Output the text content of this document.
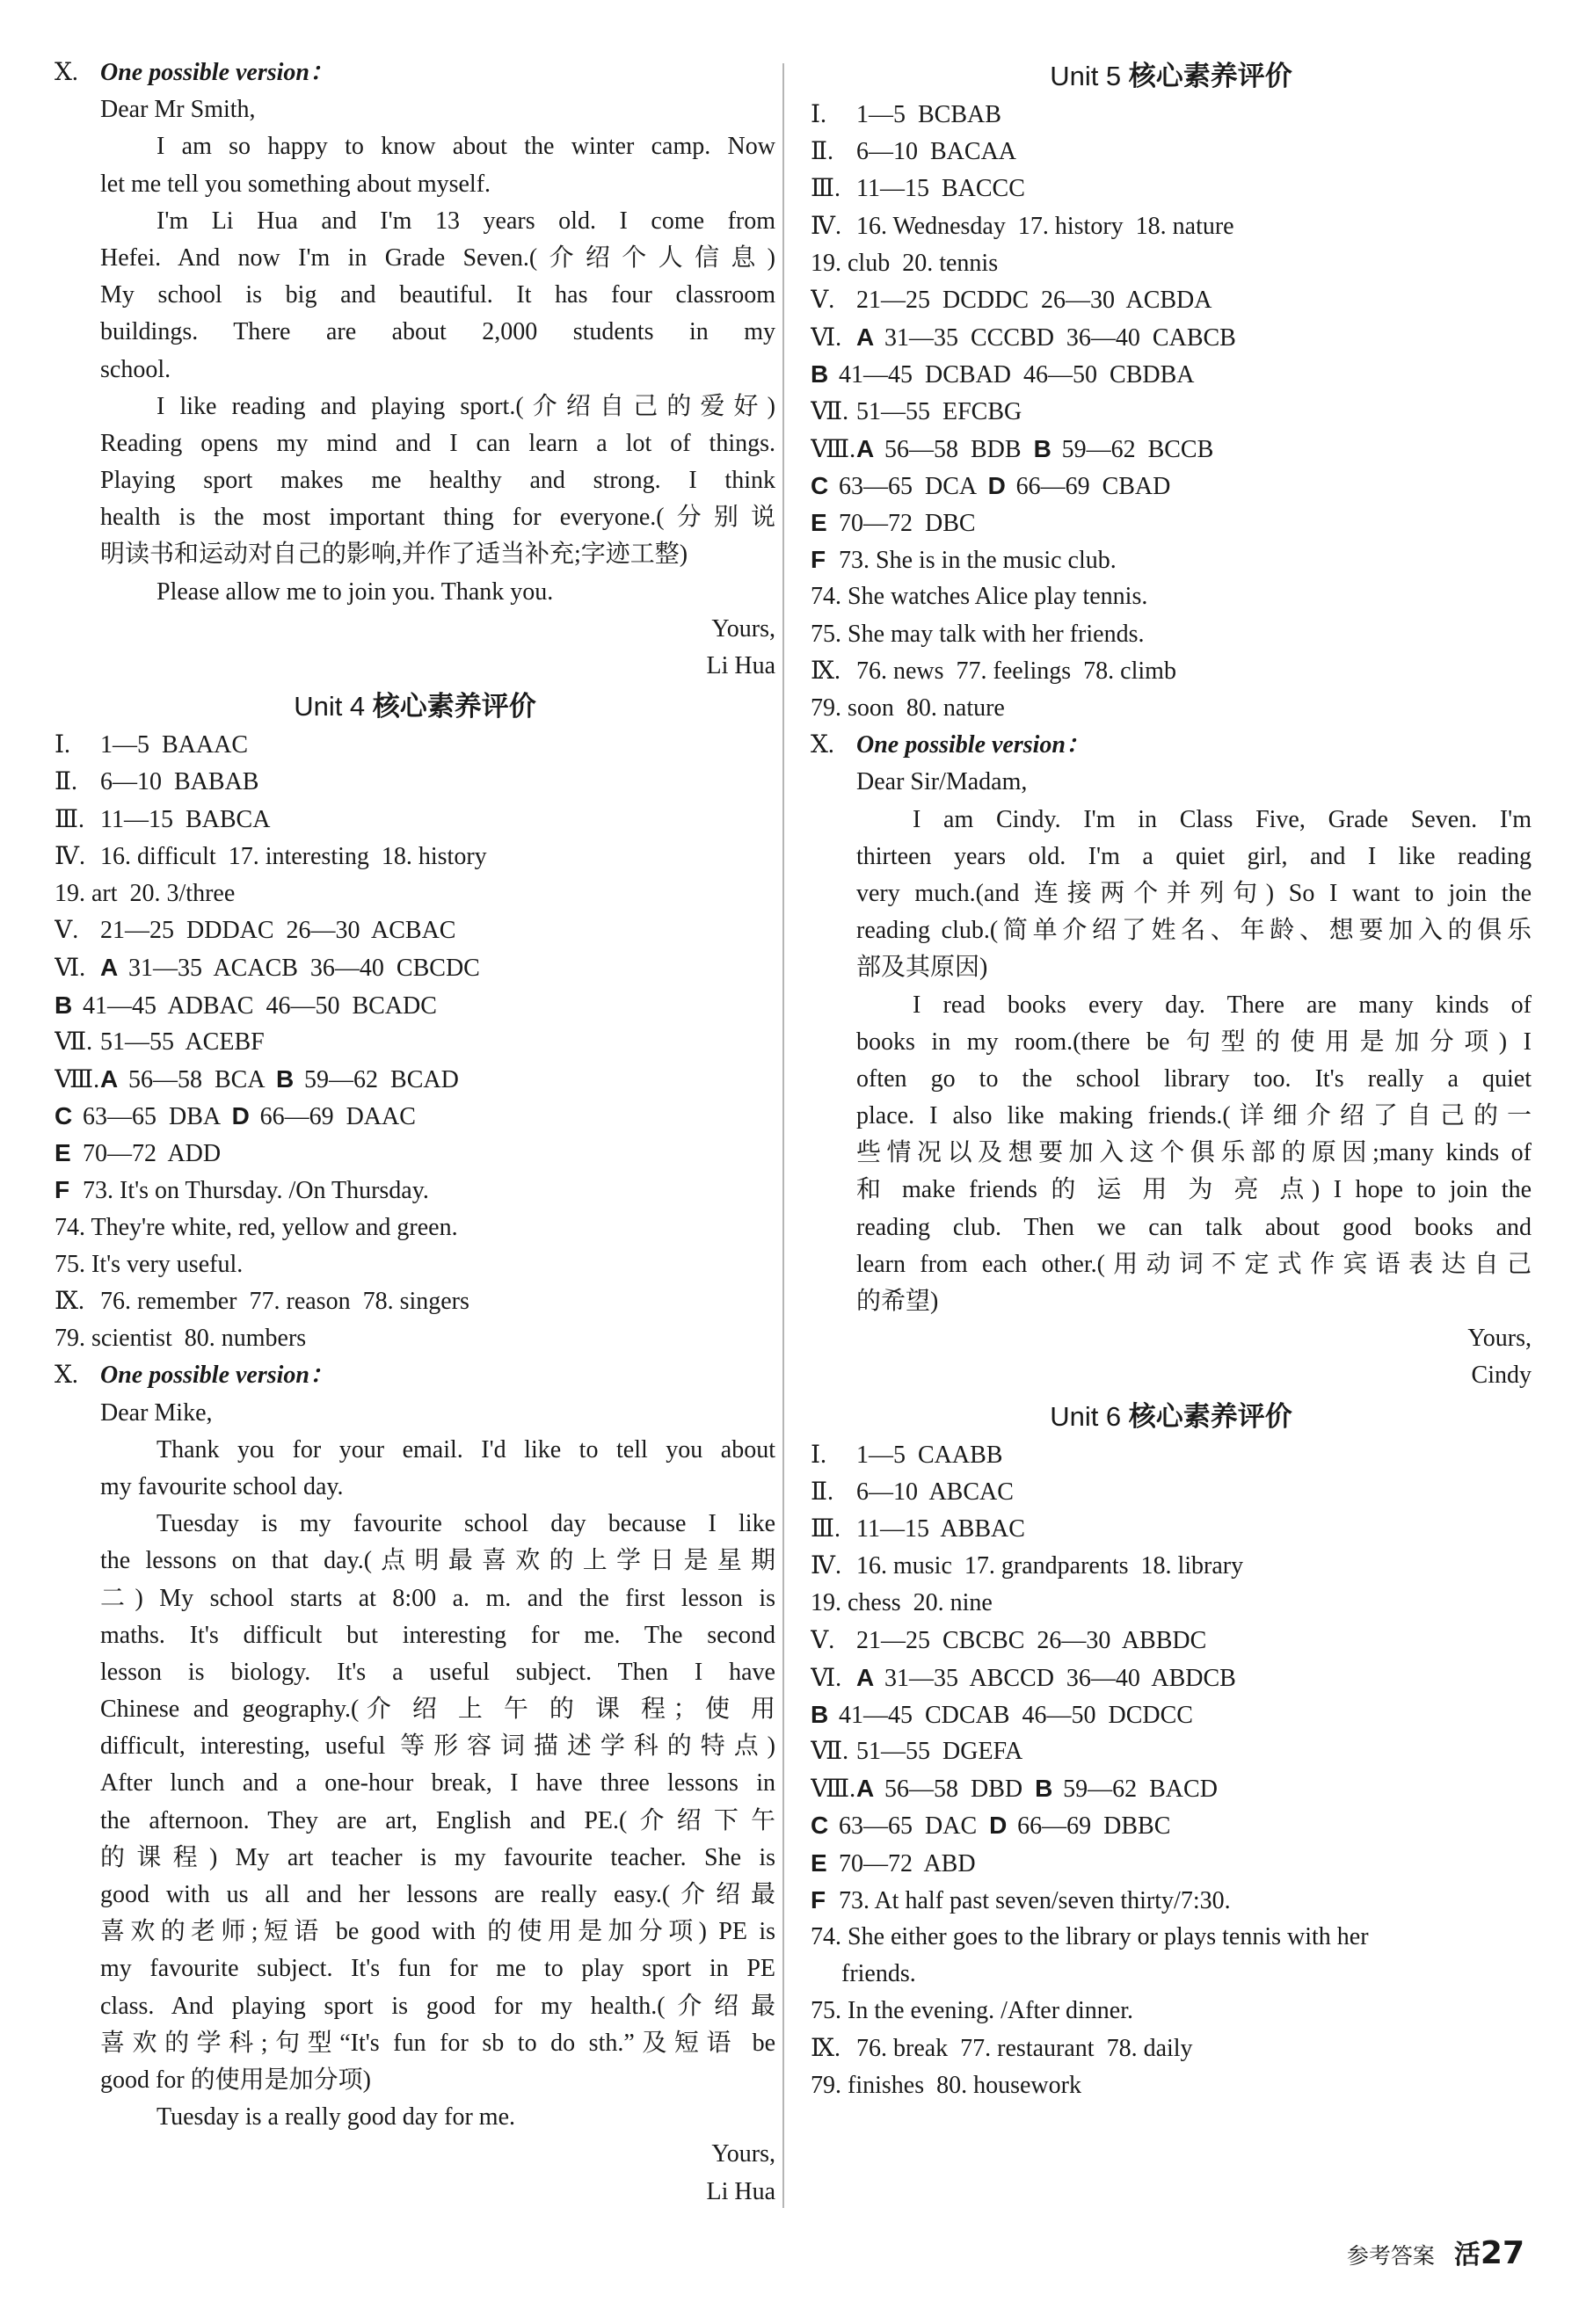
Ⅹ. One possible version：
Dear Mr Smith,
I am so happy to know about the winter camp. Now
let me tell you something about myself.
I'm Li Hua and I'm 13 years old. I come from
Hefei. And now I'm in Grade Seven.(介绍个人信息)
My school is big and beautiful. It has four classroom
buildings. There are about 2,000 students in my
school.
I like reading and playing sport.(介绍自己的爱好)
Reading opens my mind and I can learn a lot of things.
Playing sport makes me healthy and strong. I think
health is the most important thing for everyone.(分别说
明读书和运动对自己的影响,并作了适当补充;字迹工整)
Please allow me to join you. Thank you.
Yours,
Li Hua
Unit 4 核心素养评价
Ⅰ. 1—5  BAAAC
Ⅱ. 6—10  BABAB
Ⅲ. 11—15  BABCA
Ⅳ. 16. difficult  17. interesting  18. history
19. art  20. 3/three
Ⅴ. 21—25  DDDAC  26—30  ACBAC
Ⅵ. A 31—35  ACACB  36—40  CBCDC
B 41—45  ADBAC  46—50  BCADC
Ⅶ. 51—55  ACEBF
Ⅷ.A 56—58  BCA  B 59—62  BCAD
C 63—65  DBA  D 66—69  DAAC
E 70—72  ADD
F 73. It's on Thursday. /On Thursday.
74. They're white, red, yellow and green.
75. It's very useful.
Ⅸ. 76. remember  77. reason  78. singers
79. scientist  80. numbers
Ⅹ. One possible version：
Dear Mike,
Thank you for your email. I'd like to tell you about
my favourite school day.
Tuesday is my favourite school day because I like
the lessons on that day.(点明最喜欢的上学日是星期
二) My school starts at 8:00 a. m. and the first lesson is
maths. It's difficult but interesting for me. The second
lesson is biology. It's a useful subject. Then I have
Chinese and geography.(介 绍 上 午 的 课 程；使 用
difficult, interesting, useful 等形容词描述学科的特点)
After lunch and a one-hour break, I have three lessons in
the afternoon. They are art, English and PE.(介绍下午
的课程) My art teacher is my favourite teacher. She is
good with us all and her lessons are really easy.(介绍最
喜欢的老师;短语 be good with 的使用是加分项) PE is
my favourite subject. It's fun for me to play sport in PE
class. And playing sport is good for my health.(介绍最
喜欢的学科;句型“It's fun for sb to do sth.”及短语 be
good for 的使用是加分项)
Tuesday is a really good day for me.
Yours,
Li Hua
Unit 5 核心素养评价
Ⅰ. 1—5  BCBAB
Ⅱ. 6—10  BACAA
Ⅲ. 11—15  BACCC
Ⅳ. 16. Wednesday  17. history  18. nature
19. club  20. tennis
Ⅴ. 21—25  DCDDC  26—30  ACBDA
Ⅵ. A 31—35  CCCBD  36—40  CABCB
B 41—45  DCBAD  46—50  CBDBA
Ⅶ. 51—55  EFCBG
Ⅷ.A 56—58  BDB  B 59—62  BCCB
C 63—65  DCA  D 66—69  CBAD
E 70—72  DBC
F 73. She is in the music club.
74. She watches Alice play tennis.
75. She may talk with her friends.
Ⅸ. 76. news  77. feelings  78. climb
79. soon  80. nature
Ⅹ. One possible version：
Dear Sir/Madam,
I am Cindy. I'm in Class Five, Grade Seven. I'm
thirteen years old. I'm a quiet girl, and I like reading
very much.(and 连接两个并列句) So I want to join the
reading club.(简单介绍了姓名、年龄、想要加入的俱乐
部及其原因)
I read books every day. There are many kinds of
books in my room.(there be 句型的使用是加分项) I
often go to the school library too. It's really a quiet
place. I also like making friends.(详细介绍了自己的一
些情况以及想要加入这个俱乐部的原因;many kinds of
和 make friends 的 运 用 为 亮 点) I hope to join the
reading club. Then we can talk about good books and
learn from each other.(用动词不定式作宾语表达自己
的希望)
Yours,
Cindy
Unit 6 核心素养评价
Ⅰ. 1—5  CAABB
Ⅱ. 6—10  ABCAC
Ⅲ. 11—15  ABBAC
Ⅳ. 16. music  17. grandparents  18. library
19. chess  20. nine
Ⅴ. 21—25  CBCBC  26—30  ABBDC
Ⅵ. A 31—35  ABCCD  36—40  ABDCB
B 41—45  CDCAB  46—50  DCDCC
Ⅶ. 51—55  DGEFA
Ⅷ.A 56—58  DBD  B 59—62  BACD
C 63—65  DAC  D 66—69  DBBC
E 70—72  ABD
F 73. At half past seven/seven thirty/7:30.
74. She either goes to the library or plays tennis with her
friends.
75. In the evening. /After dinner.
Ⅸ. 76. break  77. restaurant  78. daily
79. finishes  80. housework
参考答案 活27
